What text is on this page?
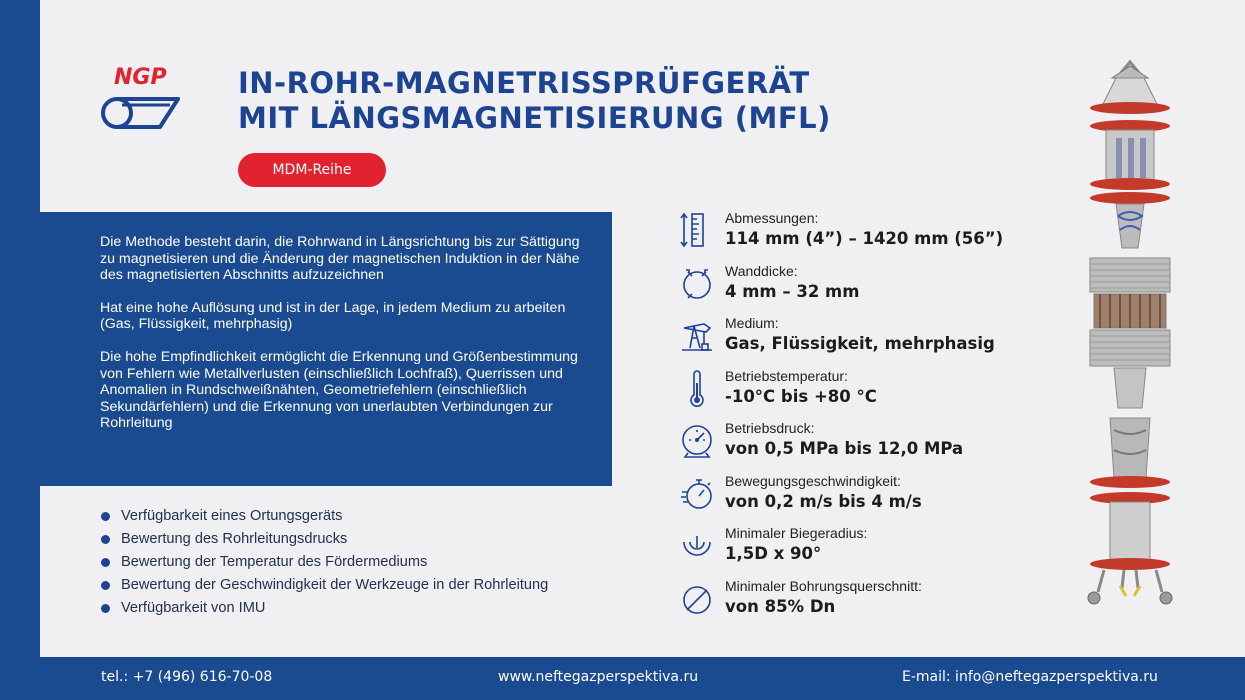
NGP IN-ROHR-MAGNETRISSPRÜFGERÄT
MIT LÄNGSMAGNETISIERUNG (MFL)
MDM-Reihe

Die Methode besteht darin, die Rohrwand in Längsrichtung bis zur Sättigung zu magnetisieren und die Änderung der magnetischen Induktion in der Nähe des magnetisierten Abschnitts aufzuzeichnen

Hat eine hohe Auflösung und ist in der Lage, in jedem Medium zu arbeiten (Gas, Flüssigkeit, mehrphasig)

Die hohe Empfindlichkeit ermöglicht die Erkennung und Größenbestimmung von Fehlern wie Metallverlusten (einschließlich Lochfraß), Querrissen und Anomalien in Rundschweißnähten, Geometriefehlern (einschließlich Sekundärfehlern) und die Erkennung von unerlaubten Verbindungen zur Rohrleitung

Verfügbarkeit eines Ortungsgeräts
Bewertung des Rohrleitungsdrucks
Bewertung der Temperatur des Fördermediums
Bewertung der Geschwindigkeit der Werkzeuge in der Rohrleitung
Verfügbarkeit von IMU
Abmessungen:
114 mm (4”) – 1420 mm (56”)
Wanddicke:
4 mm – 32 mm
Medium:
Gas, Flüssigkeit, mehrphasig
Betriebstemperatur:
-10°C bis +80 °C
Betriebsdruck:
von 0,5 MPa bis 12,0 MPa
Bewegungsgeschwindigkeit:
von 0,2 m/s bis 4 m/s
Minimaler Biegeradius:
1,5D x 90°
Minimaler Bohrungsquerschnitt:
von 85% Dn
tel.: +7 (496) 616-70-08	www.neftegazperspektiva.ru	E-mail: info@neftegazperspektiva.ru
